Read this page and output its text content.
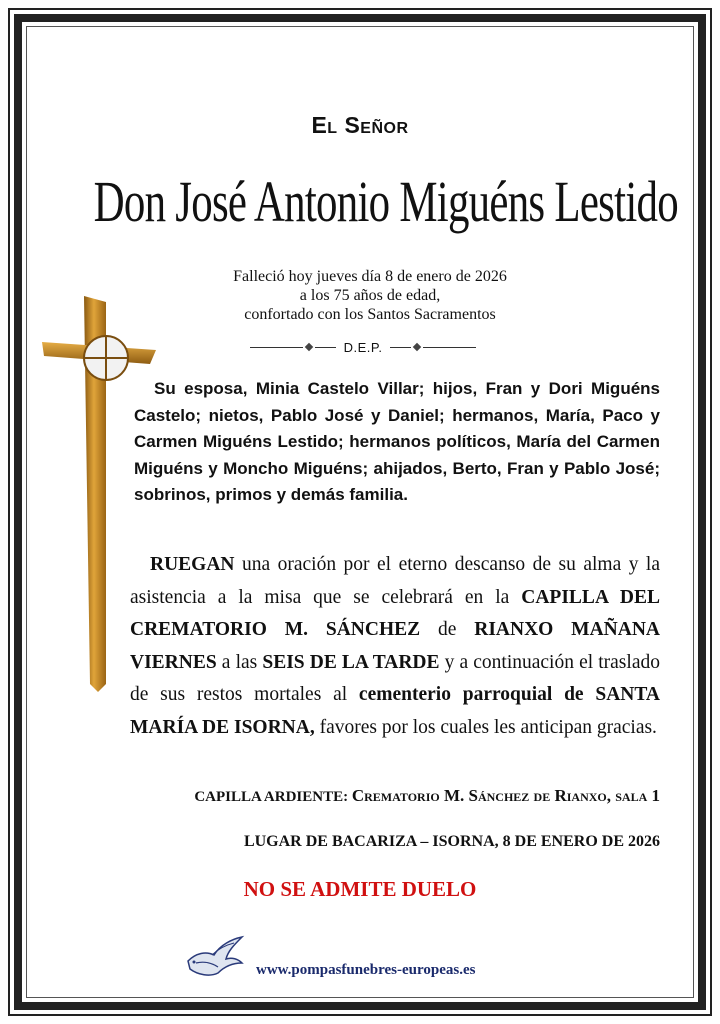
El Señor
Don José Antonio Miguéns Lestido
Falleció hoy jueves día 8 de enero de 2026
a los 75 años de edad,
confortado con los Santos Sacramentos
D.E.P.
Su esposa, Minia Castelo Villar; hijos, Fran y Dori Miguéns Castelo; nietos, Pablo José y Daniel; hermanos, María, Paco y Carmen Miguéns Lestido; hermanos políticos, María del Carmen Miguéns y Moncho Miguéns; ahijados, Berto, Fran y Pablo José; sobrinos, primos y demás familia.
RUEGAN una oración por el eterno descanso de su alma y la asistencia a la misa que se celebrará en la CAPILLA DEL CREMATORIO M. SÁNCHEZ de RIANXO MAÑANA VIERNES a las SEIS DE LA TARDE y a continuación el traslado de sus restos mortales al cementerio parroquial de SANTA MARÍA DE ISORNA, favores por los cuales les anticipan gracias.
CAPILLA ARDIENTE: Crematorio M. Sánchez de Rianxo, sala 1
LUGAR DE BACARIZA – ISORNA, 8 DE ENERO DE 2026
NO SE ADMITE DUELO
www.pompasfunebres-europeas.es
